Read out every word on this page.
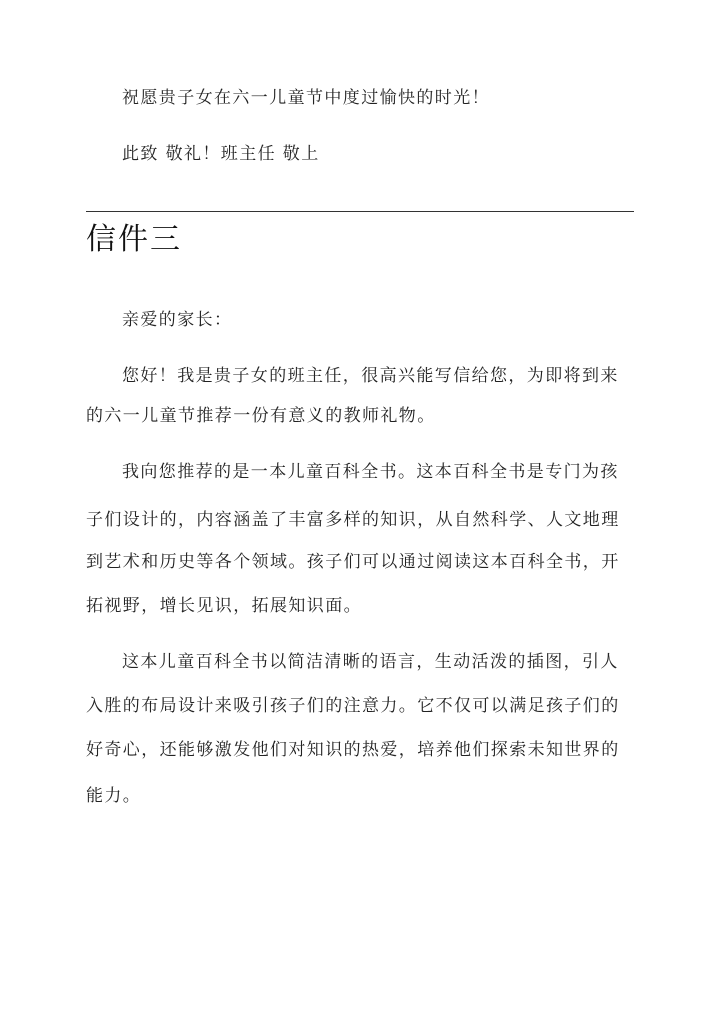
祝愿贵子女在六一儿童节中度过愉快的时光！
此致 敬礼！班主任 敬上
信件三
亲爱的家长：
您好！我是贵子女的班主任，很高兴能写信给您，为即将到来
的六一儿童节推荐一份有意义的教师礼物。
我向您推荐的是一本儿童百科全书。这本百科全书是专门为孩
子们设计的，内容涵盖了丰富多样的知识，从自然科学、人文地理
到艺术和历史等各个领域。孩子们可以通过阅读这本百科全书，开
拓视野，增长见识，拓展知识面。
这本儿童百科全书以简洁清晰的语言，生动活泼的插图，引人
入胜的布局设计来吸引孩子们的注意力。它不仅可以满足孩子们的
好奇心，还能够激发他们对知识的热爱，培养他们探索未知世界的
能力。
